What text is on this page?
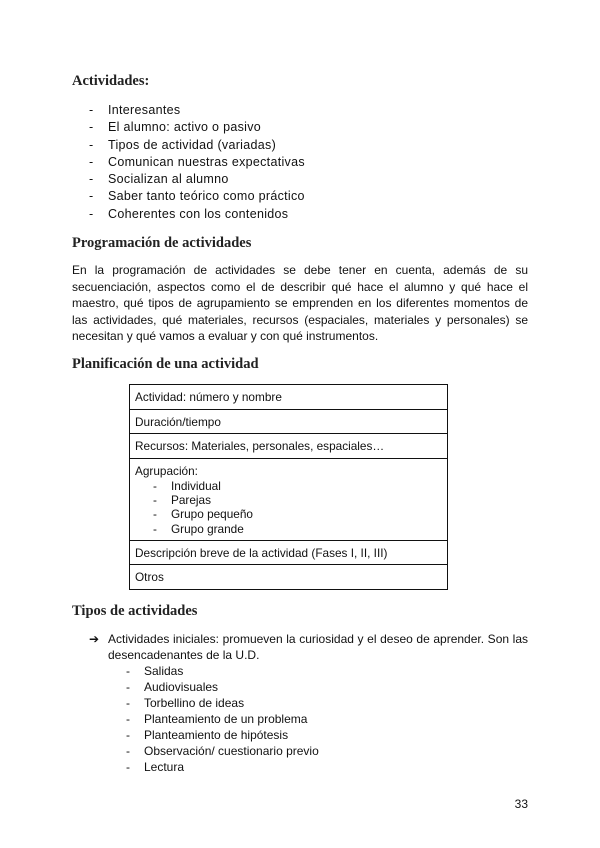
Actividades:
- Interesantes
- El alumno: activo o pasivo
- Tipos de actividad (variadas)
- Comunican nuestras expectativas
- Socializan al alumno
- Saber tanto teórico como práctico
- Coherentes con los contenidos
Programación de actividades

En la programación de actividades se debe tener en cuenta, además de su secuenciación, aspectos como el de describir qué hace el alumno y qué hace el maestro, qué tipos de agrupamiento se emprenden en los diferentes momentos de las actividades, qué materiales, recursos (espaciales, materiales y personales) se necesitan y qué vamos a evaluar y con qué instrumentos.

Planificación de una actividad
Actividad: número y nombre
Duración/tiempo
Recursos: Materiales, personales, espaciales…

Agrupación:
- Individual
- Parejas
- Grupo pequeño
- Grupo grande

Descripción breve de la actividad (Fases I, II, III)
Otros
Tipos de actividades
➔ Actividades iniciales: promueven la curiosidad y el deseo de aprender. Son las desencadenantes de la U.D.
- Salidas
- Audiovisuales
- Torbellino de ideas
- Planteamiento de un problema
- Planteamiento de hipótesis
- Observación/ cuestionario previo
- Lectura
33
